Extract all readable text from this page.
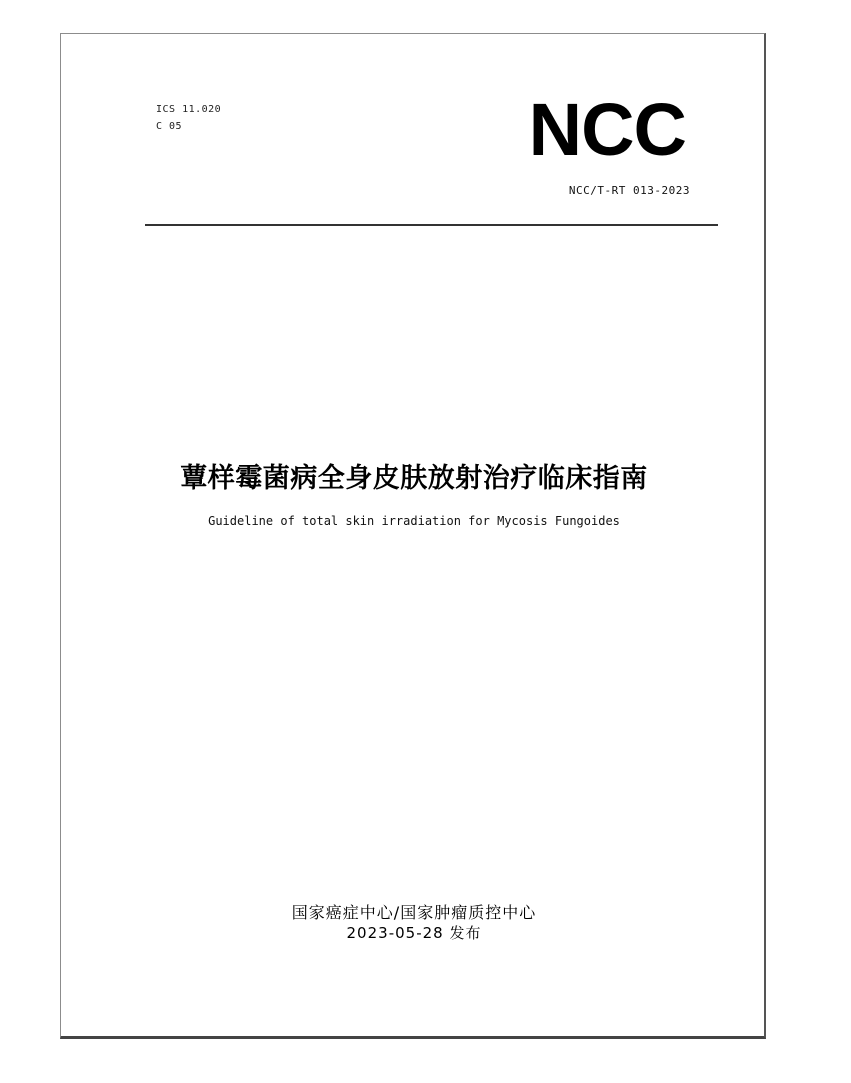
ICS 11.020
C 05	NCC
NCC/T-RT 013-2023
蕈样霉菌病全身皮肤放射治疗临床指南
Guideline of total skin irradiation for Mycosis Fungoides
国家癌症中心/国家肿瘤质控中心
2023-05-28 发布
